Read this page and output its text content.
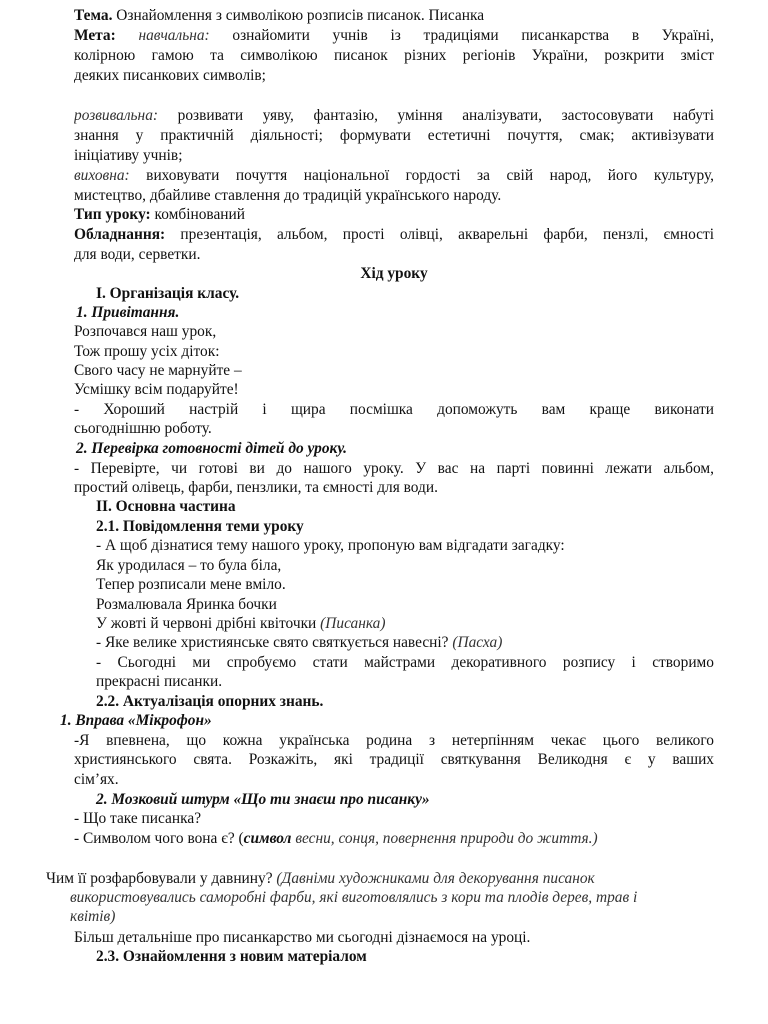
Тема. Ознайомлення з символікою розписів писанок. Писанка
Мета: навчальна: ознайомити учнів із традиціями писанкарства в Україні,
колірною гамою та символікою писанок різних регіонів України, розкрити зміст
деяких писанкових символів;
розвивальна: розвивати уяву, фантазію, уміння аналізувати, застосовувати набуті
знання у практичній діяльності; формувати естетичні почуття, смак; активізувати
ініціативу учнів;
виховна: виховувати почуття національної гордості за свій народ, його культуру,
мистецтво, дбайливе ставлення до традицій українського народу.
Тип уроку: комбінований
Обладнання: презентація, альбом, прості олівці, акварельні фарби, пензлі, ємності
для води, серветки.
Хід уроку
І. Організація класу.
1. Привітання.
Розпочався наш урок,
Тож прошу усіх діток:
Свого часу не марнуйте –
Усмішку всім подаруйте!
- Хороший настрій і щира посмішка допоможуть вам краще виконати
сьогоднішню роботу.
2. Перевірка готовності дітей до уроку.
- Перевірте, чи готові ви до нашого уроку. У вас на парті повинні лежати альбом,
простий олівець, фарби, пензлики, та ємності для води.
ІІ. Основна частина
2.1. Повідомлення теми уроку
- А щоб дізнатися тему нашого уроку, пропоную вам відгадати загадку:
Як уродилася – то була біла,
Тепер розписали мене вміло.
Розмалювала Яринка бочки
У жовті й червоні дрібні квіточки (Писанка)
- Яке велике християнське свято святкується навесні? (Пасха)
- Сьогодні ми спробуємо стати майстрами декоративного розпису і створимо
прекрасні писанки.
2.2. Актуалізація опорних знань.
1. Вправа «Мікрофон»
-Я впевнена, що кожна українська родина з нетерпінням чекає цього великого
християнського свята. Розкажіть, які традиції святкування Великодня є у ваших
сім’ях.
2. Мозковий штурм «Що ти знаєш про писанку»
- Що таке писанка?
- Символом чого вона є? (символ весни, сонця, повернення природи до життя.)
Чим її розфарбовували у давнину? (Давніми художниками для декорування писанок
використовувались саморобні фарби, які виготовлялись з кори та плодів дерев, трав і
квітів)
Більш детальніше про писанкарство ми сьогодні дізнаємося на уроці.
2.3. Ознайомлення з новим матеріалом
